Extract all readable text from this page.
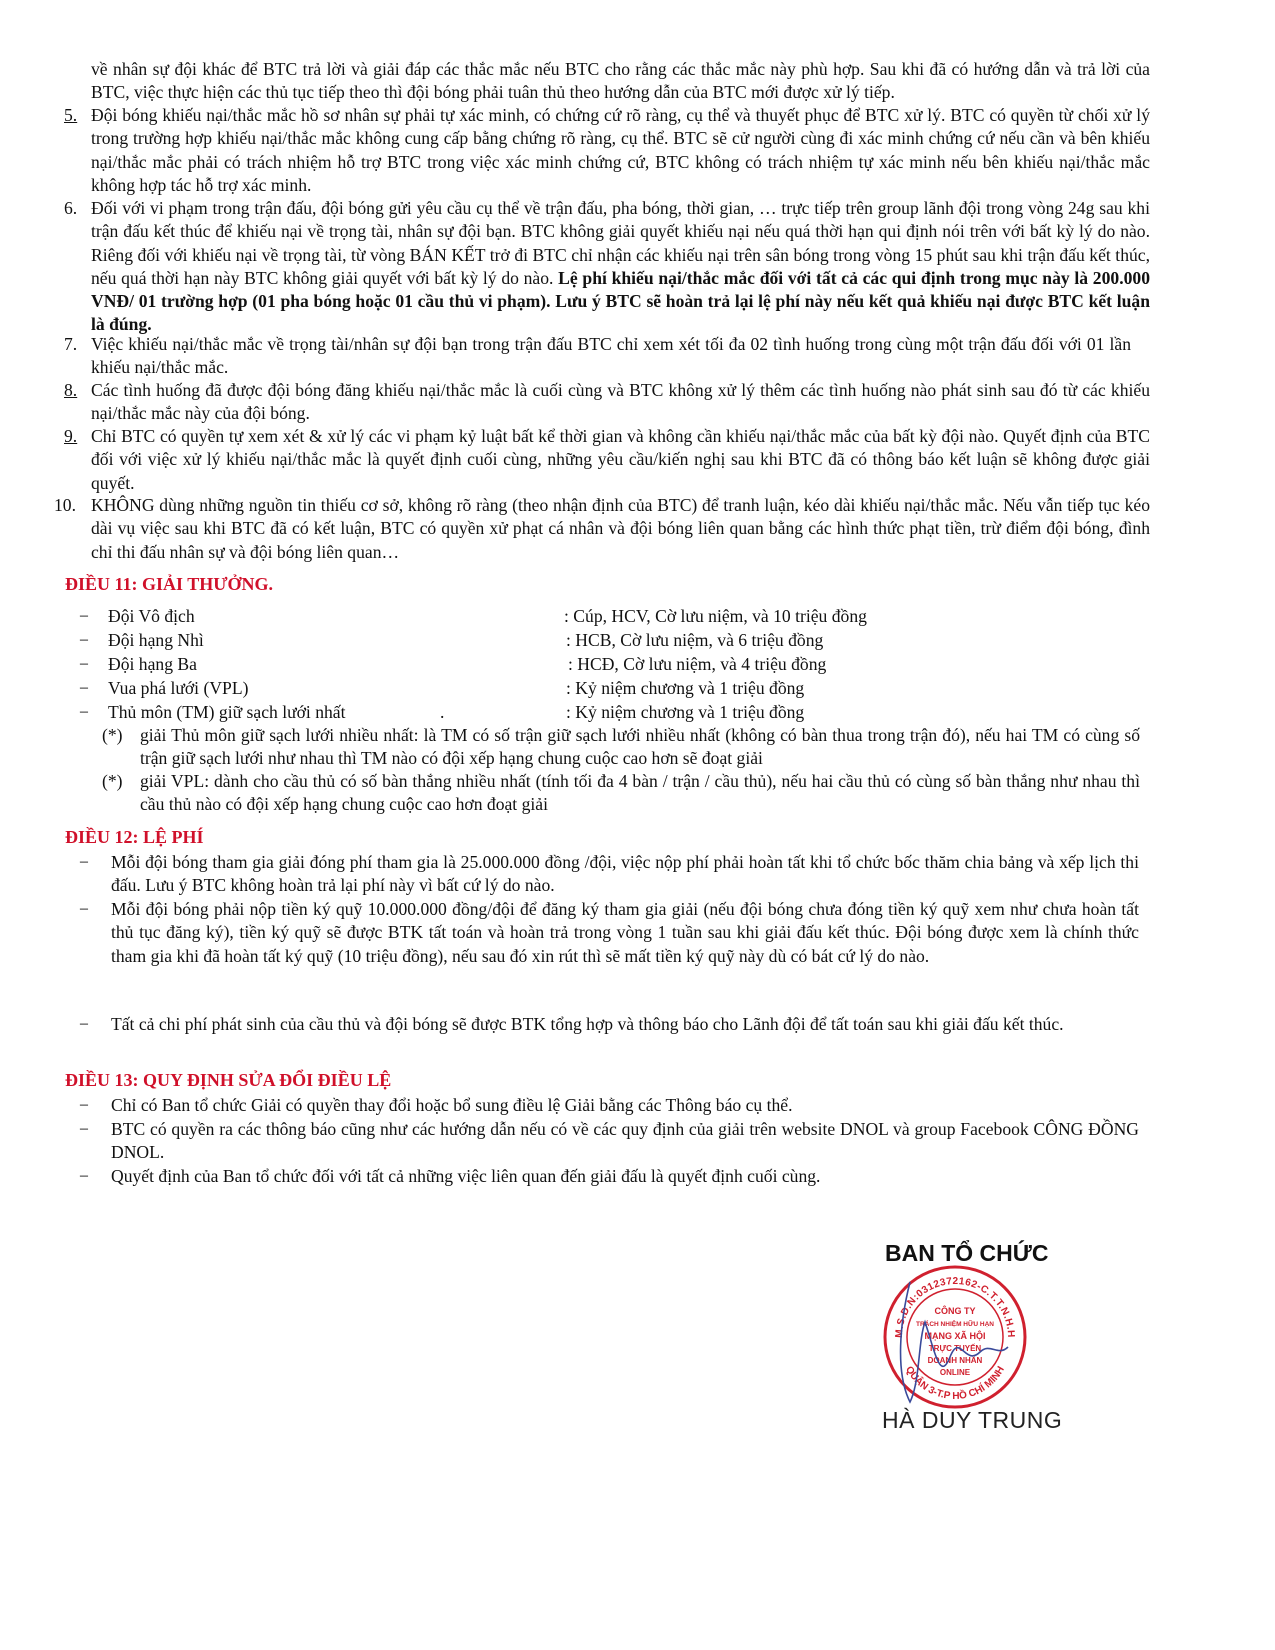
về nhân sự đội khác để BTC trả lời và giải đáp các thắc mắc nếu BTC cho rằng các thắc mắc này phù hợp. Sau khi đã có hướng dẫn và trả lời của BTC, việc thực hiện các thủ tục tiếp theo thì đội bóng phải tuân thủ theo hướng dẫn của BTC mới được xử lý tiếp.
5. Đội bóng khiếu nại/thắc mắc hồ sơ nhân sự phải tự xác minh, có chứng cứ rõ ràng, cụ thể và thuyết phục để BTC xử lý. BTC có quyền từ chối xử lý trong trường hợp khiếu nại/thắc mắc không cung cấp bằng chứng rõ ràng, cụ thể. BTC sẽ cử người cùng đi xác minh chứng cứ nếu cần và bên khiếu nại/thắc mắc phải có trách nhiệm hỗ trợ BTC trong việc xác minh chứng cứ, BTC không có trách nhiệm tự xác minh nếu bên khiếu nại/thắc mắc không hợp tác hỗ trợ xác minh.
6. Đối với vi phạm trong trận đấu, đội bóng gửi yêu cầu cụ thể về trận đấu, pha bóng, thời gian, … trực tiếp trên group lãnh đội trong vòng 24g sau khi trận đấu kết thúc để khiếu nại về trọng tài, nhân sự đội bạn. BTC không giải quyết khiếu nại nếu quá thời hạn qui định nói trên với bất kỳ lý do nào. Riêng đối với khiếu nại về trọng tài, từ vòng BÁN KẾT trở đi BTC chỉ nhận các khiếu nại trên sân bóng trong vòng 15 phút sau khi trận đấu kết thúc, nếu quá thời hạn này BTC không giải quyết với bất kỳ lý do nào. Lệ phí khiếu nại/thắc mắc đối với tất cả các qui định trong mục này là 200.000 VNĐ/ 01 trường hợp (01 pha bóng hoặc 01 cầu thủ vi phạm). Lưu ý BTC sẽ hoàn trả lại lệ phí này nếu kết quả khiếu nại được BTC kết luận là đúng.
7. Việc khiếu nại/thắc mắc về trọng tài/nhân sự đội bạn trong trận đấu BTC chỉ xem xét tối đa 02 tình huống trong cùng một trận đấu đối với 01 lần khiếu nại/thắc mắc.
8. Các tình huống đã được đội bóng đăng khiếu nại/thắc mắc là cuối cùng và BTC không xử lý thêm các tình huống nào phát sinh sau đó từ các khiếu nại/thắc mắc này của đội bóng.
9. Chỉ BTC có quyền tự xem xét & xử lý các vi phạm kỷ luật bất kể thời gian và không cần khiếu nại/thắc mắc của bất kỳ đội nào. Quyết định của BTC đối với việc xử lý khiếu nại/thắc mắc là quyết định cuối cùng, những yêu cầu/kiến nghị sau khi BTC đã có thông báo kết luận sẽ không được giải quyết.
10. KHÔNG dùng những nguồn tin thiếu cơ sở, không rõ ràng (theo nhận định của BTC) để tranh luận, kéo dài khiếu nại/thắc mắc. Nếu vẫn tiếp tục kéo dài vụ việc sau khi BTC đã có kết luận, BTC có quyền xử phạt cá nhân và đội bóng liên quan bằng các hình thức phạt tiền, trừ điểm đội bóng, đình chỉ thi đấu nhân sự và đội bóng liên quan…
ĐIỀU 11: GIẢI THƯỞNG.
− Đội Vô địch	: Cúp, HCV, Cờ lưu niệm, và 10 triệu đồng
− Đội hạng Nhì	: HCB, Cờ lưu niệm, và 6 triệu đồng
− Đội hạng Ba	: HCĐ, Cờ lưu niệm, và 4 triệu đồng
− Vua phá lưới (VPL)	: Kỷ niệm chương và 1 triệu đồng
− Thủ môn (TM) giữ sạch lưới nhất	.	: Kỷ niệm chương và 1 triệu đồng
(*) giải Thủ môn giữ sạch lưới nhiều nhất: là TM có số trận giữ sạch lưới nhiều nhất (không có bàn thua trong trận đó), nếu hai TM có cùng số trận giữ sạch lưới như nhau thì TM nào có đội xếp hạng chung cuộc cao hơn sẽ đoạt giải
(*) giải VPL: dành cho cầu thủ có số bàn thắng nhiều nhất (tính tối đa 4 bàn / trận / cầu thủ), nếu hai cầu thủ có cùng số bàn thắng như nhau thì cầu thủ nào có đội xếp hạng chung cuộc cao hơn đoạt giải
ĐIỀU 12: LỆ PHÍ
− Mỗi đội bóng tham gia giải đóng phí tham gia là 25.000.000 đồng /đội, việc nộp phí phải hoàn tất khi tổ chức bốc thăm chia bảng và xếp lịch thi đấu. Lưu ý BTC không hoàn trả lại phí này vì bất cứ lý do nào.
− Mỗi đội bóng phải nộp tiền ký quỹ 10.000.000 đồng/đội để đăng ký tham gia giải (nếu đội bóng chưa đóng tiền ký quỹ xem như chưa hoàn tất thủ tục đăng ký), tiền ký quỹ sẽ được BTK tất toán và hoàn trả trong vòng 1 tuần sau khi giải đấu kết thúc. Đội bóng được xem là chính thức tham gia khi đã hoàn tất ký quỹ (10 triệu đồng), nếu sau đó xin rút thì sẽ mất tiền ký quỹ này dù có bát cứ lý do nào.
− Tất cả chi phí phát sinh của cầu thủ và đội bóng sẽ được BTK tổng hợp và thông báo cho Lãnh đội để tất toán sau khi giải đấu kết thúc.
ĐIỀU 13: QUY ĐỊNH SỬA ĐỔI ĐIỀU LỆ
− Chỉ có Ban tổ chức Giải có quyền thay đổi hoặc bổ sung điều lệ Giải bằng các Thông báo cụ thể.
− BTC có quyền ra các thông báo cũng như các hướng dẫn nếu có về các quy định của giải trên website DNOL và group Facebook CÔNG ĐỒNG DNOL.
− Quyết định của Ban tổ chức đối với tất cả những việc liên quan đến giải đấu là quyết định cuối cùng.
BAN TỔ CHỨC
M.S.D.N:0312372162-C.T.T.N.H.H
QUẬN 3-T.P HỒ CHÍ MINH
CÔNG TY
TRÁCH NHIỆM HỮU HẠN
MẠNG XÃ HỘI
TRỰC TUYẾN
DOANH NHÂN
ONLINE
HÀ DUY TRUNG
